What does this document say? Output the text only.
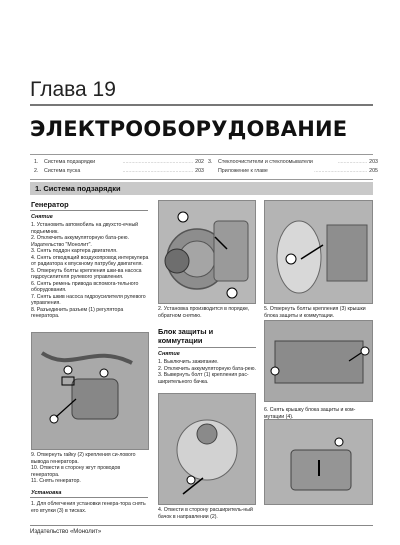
Глава 19
ЭЛЕКТРООБОРУДОВАНИЕ
1.	Система подзарядки	................................................ 202
2.	Система пуска	................................................ 203
3.	Стеклоочистители и стеклоомыватели	.................... 203
Приложение к главе	.................................... 205
1. Система подзарядки
Генератор
Снятие

1. Установить автомобиль на двухсто-ечный подъемник.

2. Отключить аккумуляторную бата-рею. Издательство "Монолит".

3. Снять поддон картера двигателя.

4. Снять отводящий воздухопровод интеркулера от радиатора к впускному патрубку двигателя.

5. Отвернуть болты крепления шки-ва насоса гидроусилителя рулевого управления.

6. Снять ремень привода вспомога-тельного оборудования.

7. Снять шкив насоса гидроусилителя рулевого управления.

8. Разъединить разъем (1) регулятора генератора.

2. Установка производится в порядке, обратном снятию.
5. Отвернуть болты крепления (3) крышки блока защиты и коммутации.
Блок защиты и коммутации
Снятие

1. Выключить зажигание.

2. Отключить аккумуляторную бата-рею.

3. Вывернуть болт (1) крепления рас-ширительного бачка.

9. Отвернуть гайку (2) крепления си-лового вывода генератора.

10. Отвести в сторону жгут проводов генератора.

11. Снять генератор.

Установка
1. Для облегчения установки генера-тора снять его втулки (3) в тисках.	4. Отвести в сторону расширитель-ный бачок в направлении (2).
6. Снять крышку блока защиты и ком-мутации (4).
Издательство «Монолит»
